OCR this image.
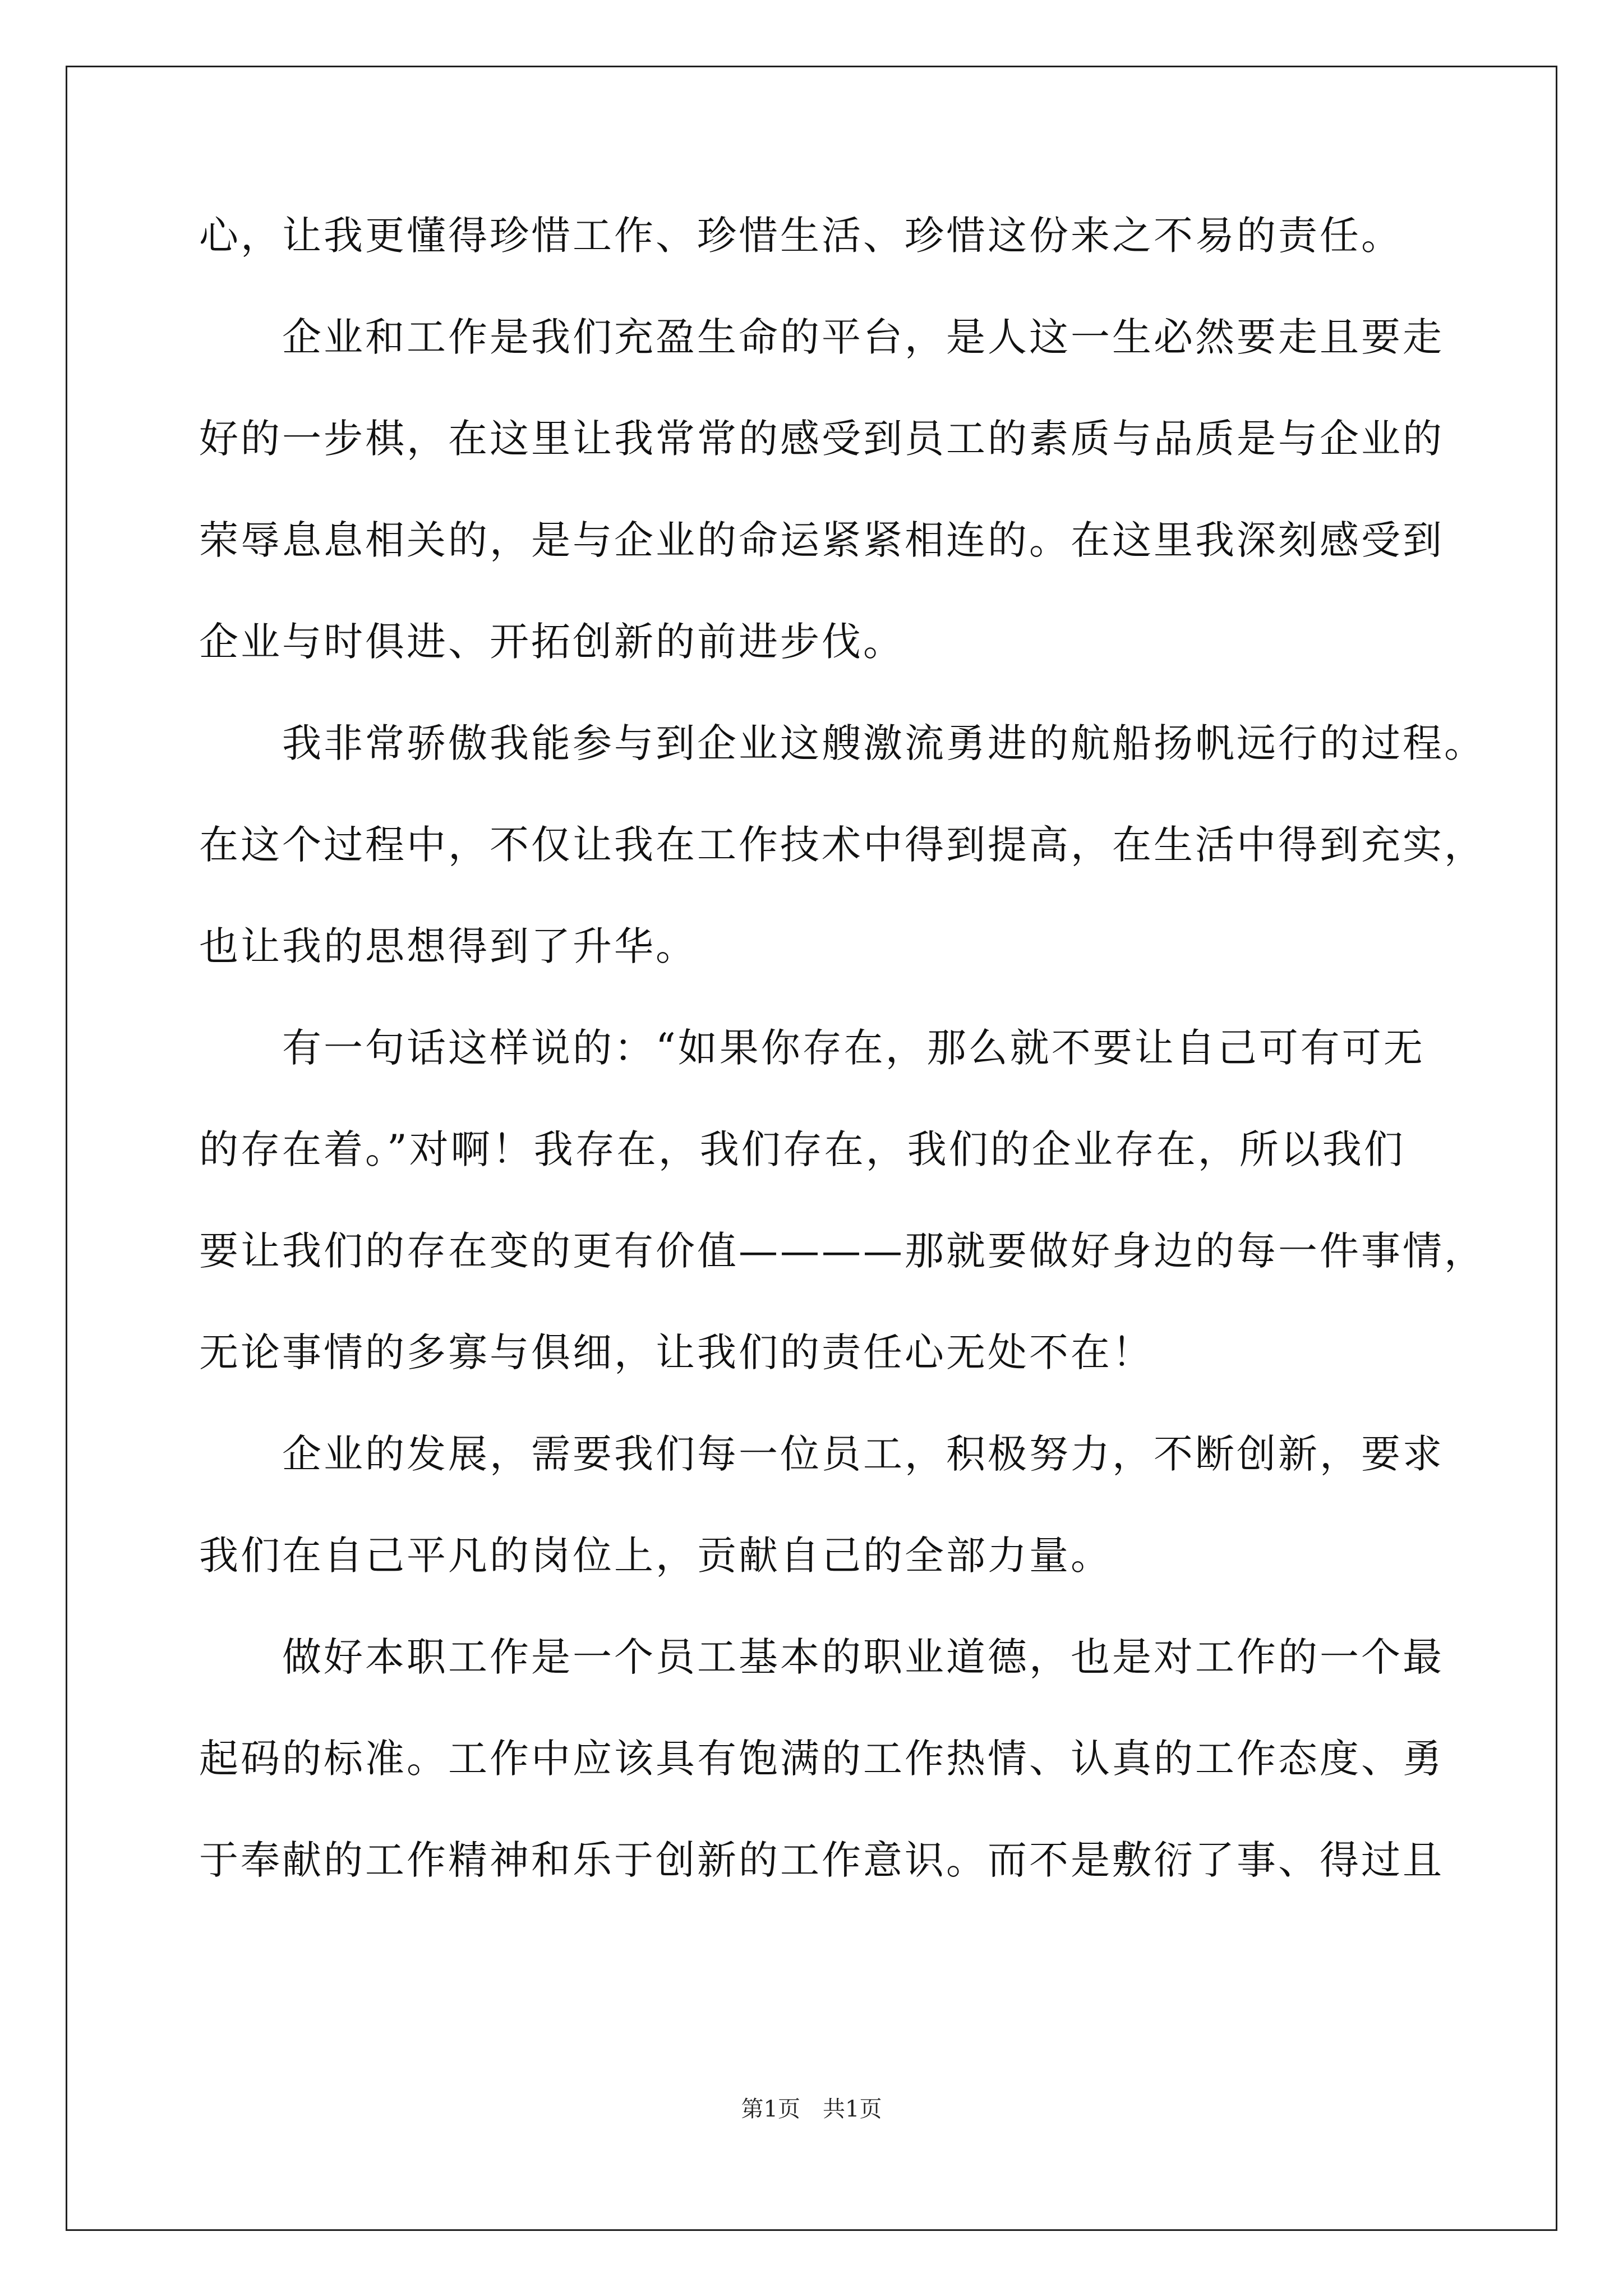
心，让我更懂得珍惜工作、珍惜生活、珍惜这份来之不易的责任。
　　企业和工作是我们充盈生命的平台，是人这一生必然要走且要走
好的一步棋，在这里让我常常的感受到员工的素质与品质是与企业的
荣辱息息相关的，是与企业的命运紧紧相连的。在这里我深刻感受到
企业与时俱进、开拓创新的前进步伐。
　　我非常骄傲我能参与到企业这艘激流勇进的航船扬帆远行的过程。
在这个过程中，不仅让我在工作技术中得到提高，在生活中得到充实，
也让我的思想得到了升华。
　　有一句话这样说的：“如果你存在，那么就不要让自己可有可无
的存在着。”对啊！我存在，我们存在，我们的企业存在，所以我们
要让我们的存在变的更有价值————那就要做好身边的每一件事情，
无论事情的多寡与俱细，让我们的责任心无处不在！
　　企业的发展，需要我们每一位员工，积极努力，不断创新，要求
我们在自己平凡的岗位上，贡献自己的全部力量。
　　做好本职工作是一个员工基本的职业道德，也是对工作的一个最
起码的标准。工作中应该具有饱满的工作热情、认真的工作态度、勇
于奉献的工作精神和乐于创新的工作意识。而不是敷衍了事、得过且
第1页　共1页
